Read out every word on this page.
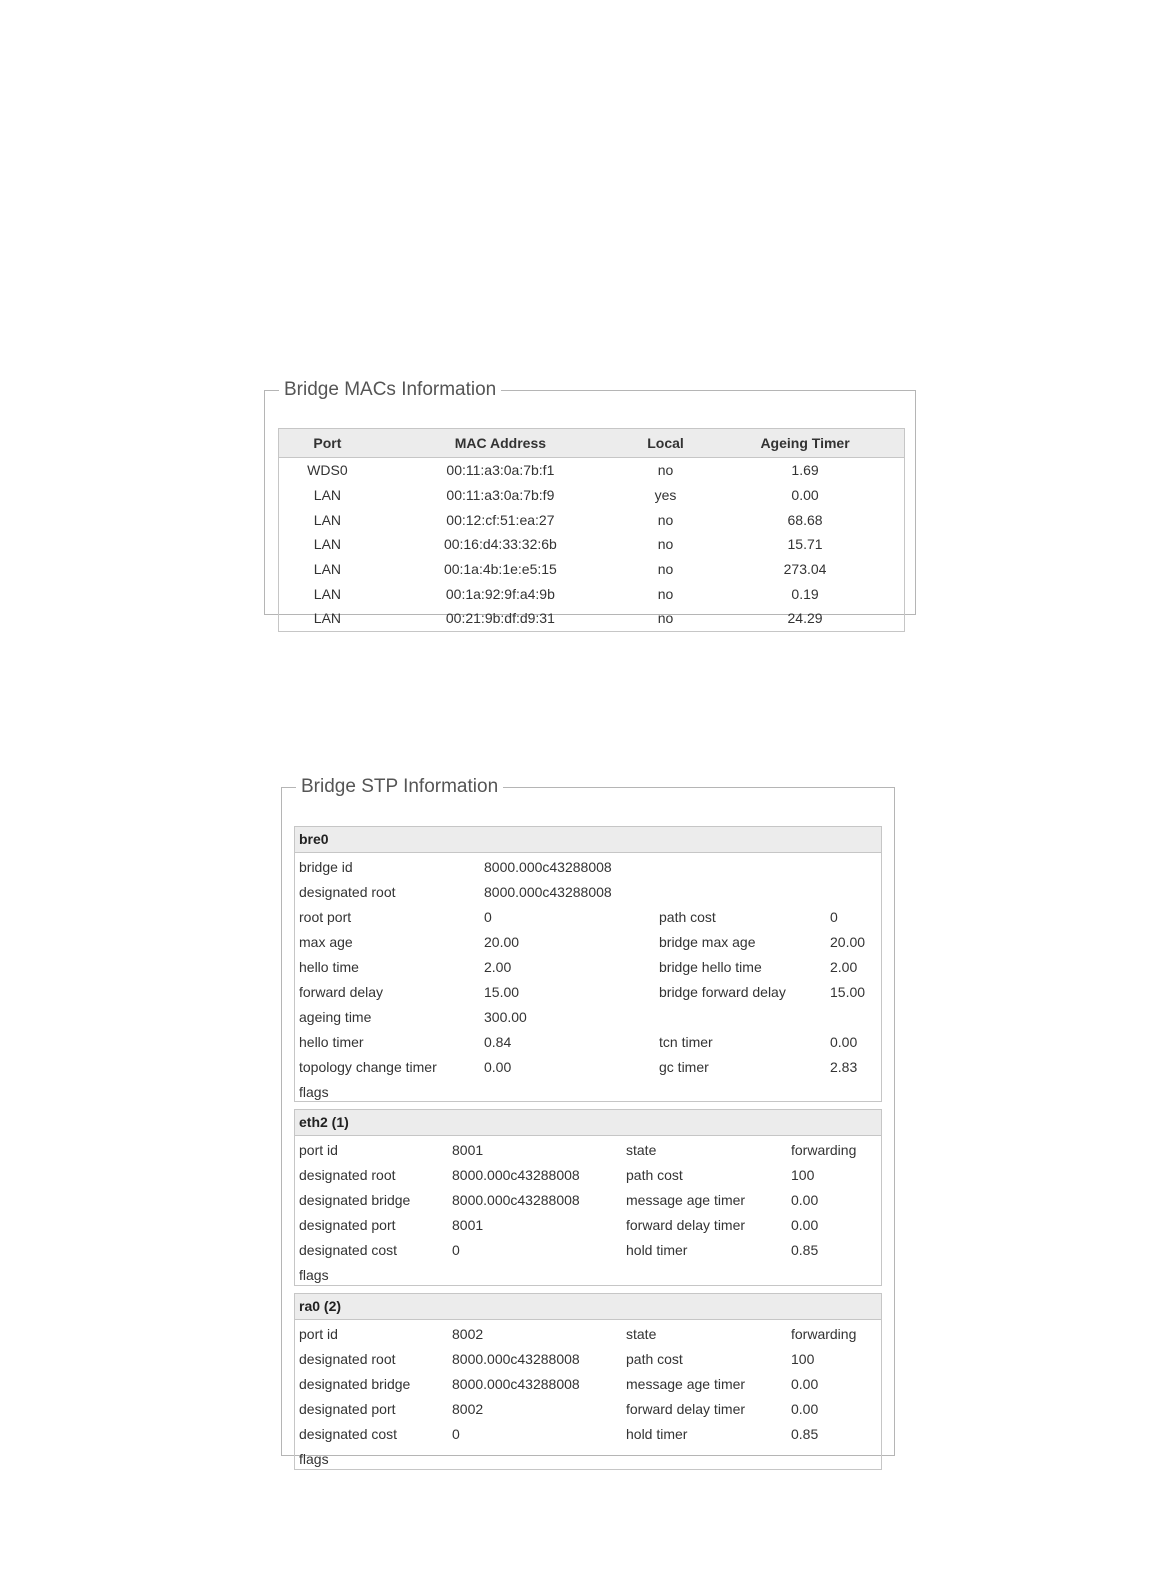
Bridge MACs Information
Port	MAC Address	Local	Ageing Timer
WDS0	00:11:a3:0a:7b:f1	no	1.69
LAN	00:11:a3:0a:7b:f9	yes	0.00
LAN	00:12:cf:51:ea:27	no	68.68
LAN	00:16:d4:33:32:6b	no	15.71
LAN	00:1a:4b:1e:e5:15	no	273.04
LAN	00:1a:92:9f:a4:9b	no	0.19
LAN	00:21:9b:df:d9:31	no	24.29
Bridge STP Information
bre0
bridge id	8000.000c43288008
designated root	8000.000c43288008
root port	0	path cost	0
max age	20.00	bridge max age	20.00
hello time	2.00	bridge hello time	2.00
forward delay	15.00	bridge forward delay	15.00
ageing time	300.00
hello timer	0.84	tcn timer	0.00
topology change timer	0.00	gc timer	2.83
flags
eth2 (1)
port id	8001	state	forwarding
designated root	8000.000c43288008	path cost	100
designated bridge	8000.000c43288008	message age timer	0.00
designated port	8001	forward delay timer	0.00
designated cost	0	hold timer	0.85
flags
ra0 (2)
port id	8002	state	forwarding
designated root	8000.000c43288008	path cost	100
designated bridge	8000.000c43288008	message age timer	0.00
designated port	8002	forward delay timer	0.00
designated cost	0	hold timer	0.85
flags
